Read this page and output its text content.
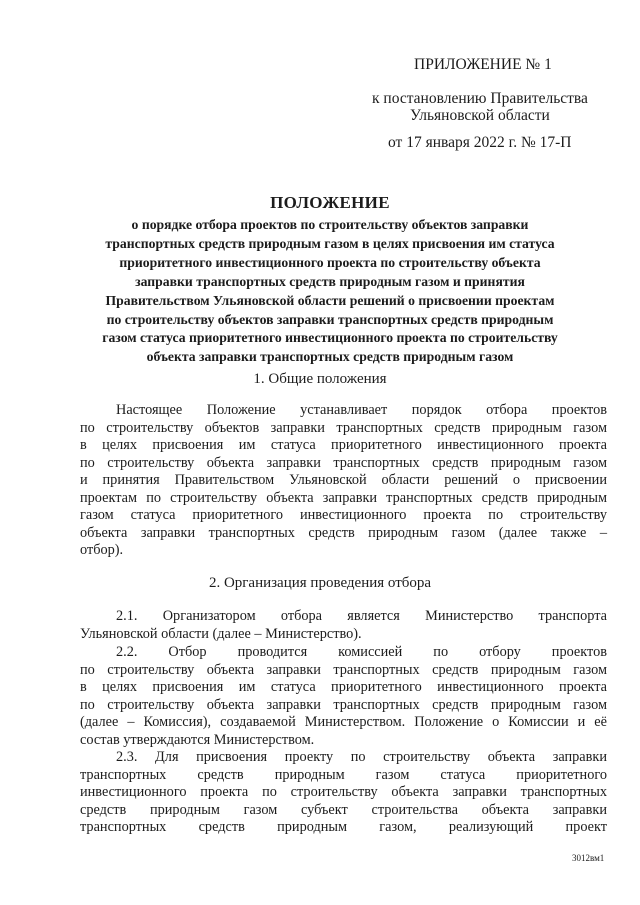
ПРИЛОЖЕНИЕ № 1
к постановлению Правительства
Ульяновской области
от 17 января 2022 г. № 17-П
ПОЛОЖЕНИЕ
о порядке отбора проектов по строительству объектов заправки
транспортных средств природным газом в целях присвоения им статуса
приоритетного инвестиционного проекта по строительству объекта
заправки транспортных средств природным газом и принятия
Правительством Ульяновской области решений о присвоении проектам
по строительству объектов заправки транспортных средств природным
газом статуса приоритетного инвестиционного проекта по строительству
объекта заправки транспортных средств природным газом
1. Общие положения
Настоящее Положение устанавливает порядок отбора проектов
по строительству объектов заправки транспортных средств природным газом
в целях присвоения им статуса приоритетного инвестиционного проекта
по строительству объекта заправки транспортных средств природным газом
и принятия Правительством Ульяновской области решений о присвоении
проектам по строительству объекта заправки транспортных средств природным
газом статуса приоритетного инвестиционного проекта по строительству
объекта заправки транспортных средств природным газом (далее также –
отбор).
2. Организация проведения отбора
2.1. Организатором отбора является Министерство транспорта
Ульяновской области (далее – Министерство).
2.2. Отбор проводится комиссией по отбору проектов
по строительству объекта заправки транспортных средств природным газом
в целях присвоения им статуса приоритетного инвестиционного проекта
по строительству объекта заправки транспортных средств природным газом
(далее – Комиссия), создаваемой Министерством. Положение о Комиссии и её
состав утверждаются Министерством.
2.3. Для присвоения проекту по строительству объекта заправки
транспортных средств природным газом статуса приоритетного
инвестиционного проекта по строительству объекта заправки транспортных
средств природным газом субъект строительства объекта заправки
транспортных средств природным газом, реализующий проект
3012вм1
